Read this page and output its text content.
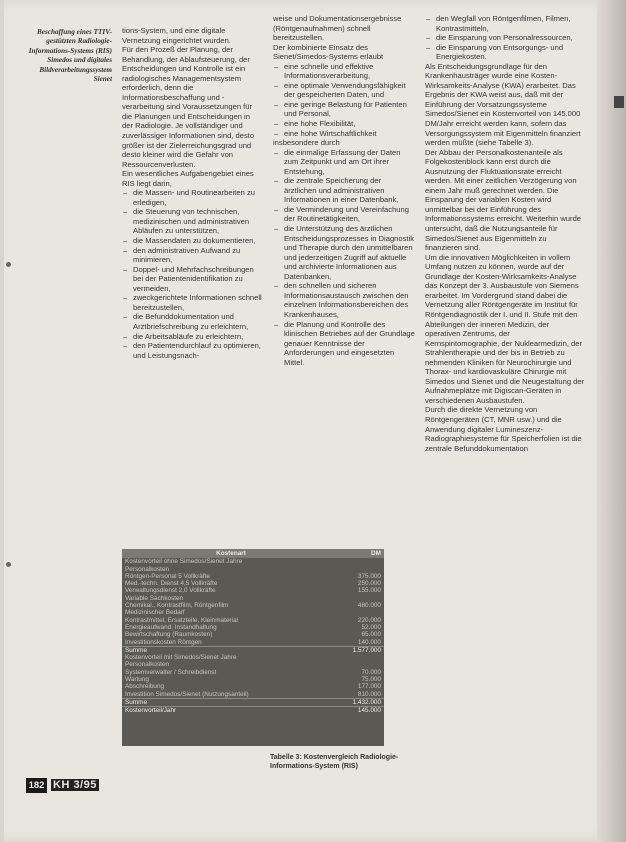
Beschaffung eines TTIV-gestützten Radiologie-Informations-Systems (RIS) Simedos und digitales Bildverarbeitungssystem Sienet

tions-System, und eine digitale Vernetzung eingerichtet wurden.

Für den Prozeß der Planung, der Behandlung, der Ablaufsteuerung, der Entscheidungen und Kontrolle ist ein radiologisches Managementsystem erforderlich, denn die Informationsbeschaffung und -verarbeitung sind Voraussetzungen für die Planungen und Entscheidungen in der Radiologie. Je vollständiger und zuverlässiger Informationen sind, desto größer ist der Zielerreichungsgrad und desto kleiner wird die Gefahr von Ressourcenverlusten.

Ein wesentliches Aufgabengebiet eines RIS liegt darin,

– die Massen- und Routinearbeiten zu erledigen,
– die Steuerung von technischen, medizinischen und administrativen Abläufen zu unterstützen,
– die Massendaten zu dokumentieren,
– den administrativen Aufwand zu minimieren,
– Doppel- und Mehrfachschreibungen bei der Patientenidentifikation zu vermeiden,
– zweckgerichtete Informationen schnell bereitzustellen,
– die Befunddokumentation und Arztbriefschreibung zu erleichtern,
– die Arbeitsabläufe zu erleichtern,
– den Patientendurchlauf zu optimieren, und Leistungsnach-

weise und Dokumentationsergebnisse (Röntgenaufnahmen) schnell bereitzustellen.

Der kombinierte Einsatz des Sienet/Simedos-Systems erlaubt

– eine schnelle und effektive Informationsverarbeitung,
– eine optimale Verwendungsfähigkeit der gespeicherten Daten, und
– eine geringe Belastung für Patienten und Personal,
– eine hohe Flexibilität,
– eine hohe Wirtschaftlichkeit

insbesondere durch

– die einmalige Erfassung der Daten zum Zeitpunkt und am Ort ihrer Entstehung,
– die zentrale Speicherung der ärztlichen und administrativen Informationen in einer Datenbank,
– die Verminderung und Vereinfachung der Routinetätigkeiten,
– die Unterstützung des ärztlichen Entscheidungsprozesses in Diagnostik und Therapie durch den unmittelbaren und jederzeitigen Zugriff auf aktuelle und archivierte Informationen aus Datenbanken,
– den schnellen und sicheren Informationsaustausch zwischen den einzelnen Informationsbereichen des Krankenhauses,
– die Planung und Kontrolle des klinischen Betriebes auf der Grundlage genauer Kenntnisse der Anforderungen und eingesetzten Mittel.
– den Wegfall von Röntgenfilmen, Filmen, Kontrastmitteln,
– die Einsparung von Personalressourcen,
– die Einsparung von Entsorgungs- und Energiekosten.

Als Entscheidungsgrundlage für den Krankenhausträger wurde eine Kosten-Wirksamkeits-Analyse (KWA) erarbeitet. Das Ergebnis der KWA weist aus, daß mit der Einführung der Vorsatzungssysteme Simedos/Sienet ein Kostenvorteil von 145.000 DM/Jahr erreicht werden kann, sofern das Versorgungssystem mit Eigenmitteln finanziert werden müßte (siehe Tabelle 3).

Der Abbau der Personalkostenanteile als Folgekostenblock kann erst durch die Ausnutzung der Fluktuationsrate erreicht werden. Mit einer zeitlichen Verzögerung von einem Jahr muß gerechnet werden. Die Einsparung der variablen Kosten wird unmittelbar bei der Einführung des Informationssystems erreicht. Weiterhin wurde untersucht, daß die Nutzungsanteile für Simedos/Sienet aus Eigenmitteln zu finanzieren sind.

Um die innovativen Möglichkeiten in vollem Umfang nutzen zu können, wurde auf der Grundlage der Kosten-Wirksamkeits-Analyse das Konzept der 3. Ausbaustufe von Siemens erarbeitet. Im Vordergrund stand dabei die Vernetzung aller Röntgengeräte im Institut für Röntgendiagnostik der I. und II. Stufe mit den Abteilungen der inneren Medizin, der operativen Zentrums, der Kernspintomographie, der Nuklearmedizin, der Strahlentherapie und der bis in Betrieb zu nehmenden Kliniken für Neurochirurgie und Thorax- und kardiovaskuläre Chirurgie mit Simedos und Sienet und die Neugestaltung der Aufnahmeplätze mit Digiscan-Geräten in verschiedenen Ausbaustufen.

Durch die direkte Vernetzung von Röntgengeräten (CT, MNR usw.) und die Anwendung digitaler Lumineszenz-Radiographiesysteme für Speicherfolien ist die zentrale Befunddokumentation

Kostenart	DM
Kostenvorteil ohne Simedos/Sienet Jahre
Personalkosten
Röntgen-Personal 5 Vollkräfte	375.000
Med.-techn. Dienst 4,5 Vollkräfte	250.000
Verwaltungsdienst 2,0 Vollkräfte	155.000
Variable Sachkosten
Chemikal., Kontrastfilm, Röntgenfilm	480.000
Medizinischer Bedarf
Kontrastmittel, Ersatzteile, Kleinmaterial	220.000
Energieaufwand, Instandhaltung	52.000
Bewirtschaftung (Raumkosten)	65.000
Investitionskosten Röntgen	140.000
Summe	1.577.000
Kostenvorteil mit Simedos/Sienet Jahre
Personalkosten
Systemverwalter / Schreibdienst	70.000
Wartung	75.000
Abschreibung	177.000
Investition Simedos/Sienet (Nutzungsanteil)	810.000
Summe	1.432.000
Kostenvorteil/Jahr	145.000
Tabelle 3: Kostenvergleich Radiologie-Informations-System (RIS)
182 KH 3/95
